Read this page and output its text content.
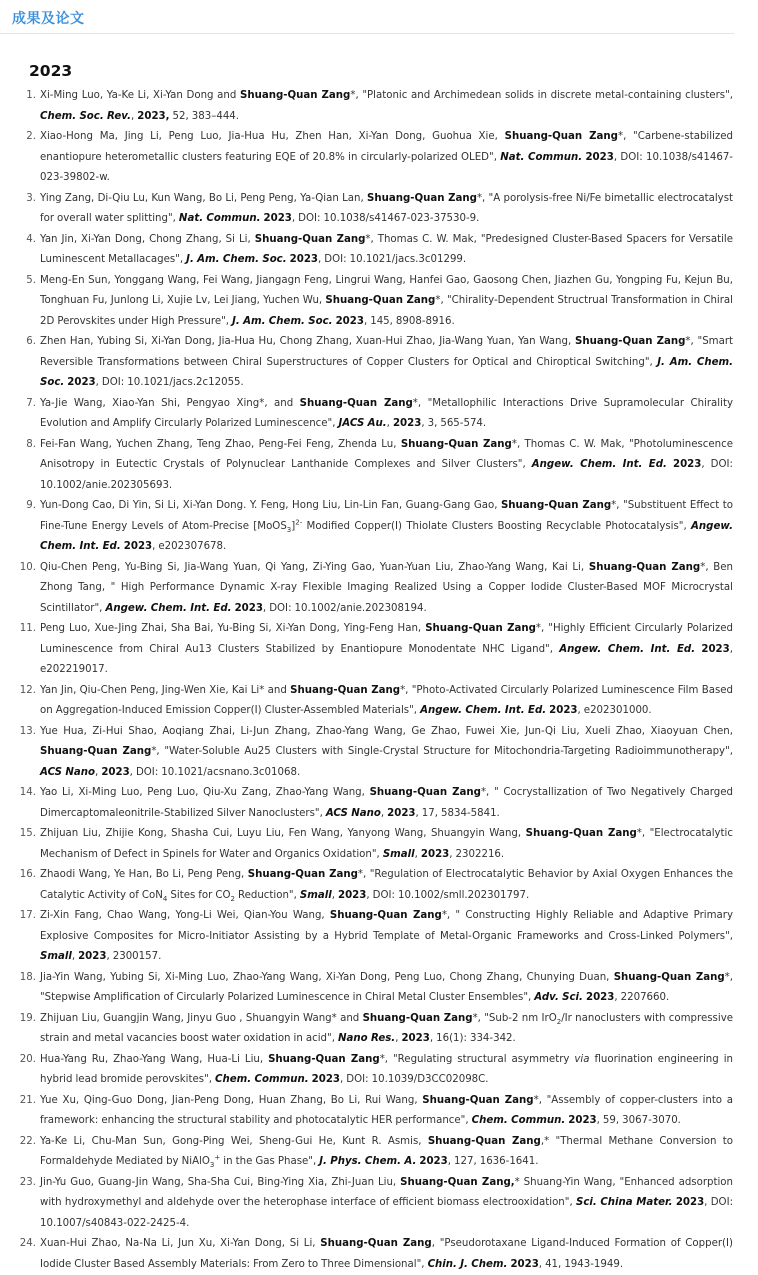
成果及论文
2023
1. Xi-Ming Luo, Ya-Ke Li, Xi-Yan Dong and Shuang-Quan Zang*, "Platonic and Archimedean solids in discrete metal-containing clusters", Chem. Soc. Rev., 2023, 52, 383–444.
2. Xiao-Hong Ma, Jing Li, Peng Luo, Jia-Hua Hu, Zhen Han, Xi-Yan Dong, Guohua Xie, Shuang-Quan Zang*, "Carbene-stabilized enantiopure heterometallic clusters featuring EQE of 20.8% in circularly-polarized OLED", Nat. Commun. 2023, DOI: 10.1038/s41467-023-39802-w.
3. Ying Zang, Di-Qiu Lu, Kun Wang, Bo Li, Peng Peng, Ya-Qian Lan, Shuang-Quan Zang*, "A porolysis-free Ni/Fe bimetallic electrocatalyst for overall water splitting", Nat. Commun. 2023, DOI: 10.1038/s41467-023-37530-9.
4. Yan Jin, Xi-Yan Dong, Chong Zhang, Si Li, Shuang-Quan Zang*, Thomas C. W. Mak, "Predesigned Cluster-Based Spacers for Versatile Luminescent Metallacages", J. Am. Chem. Soc. 2023, DOI: 10.1021/jacs.3c01299.
5. Meng-En Sun, Yonggang Wang, Fei Wang, Jiangagn Feng, Lingrui Wang, Hanfei Gao, Gaosong Chen, Jiazhen Gu, Yongping Fu, Kejun Bu, Tonghuan Fu, Junlong Li, Xujie Lv, Lei Jiang, Yuchen Wu, Shuang-Quan Zang*, "Chirality-Dependent Structrual Transformation in Chiral 2D Perovskites under High Pressure", J. Am. Chem. Soc. 2023, 145, 8908-8916.
6. Zhen Han, Yubing Si, Xi-Yan Dong, Jia-Hua Hu, Chong Zhang, Xuan-Hui Zhao, Jia-Wang Yuan, Yan Wang, Shuang-Quan Zang*, "Smart Reversible Transformations between Chiral Superstructures of Copper Clusters for Optical and Chiroptical Switching", J. Am. Chem. Soc. 2023, DOI: 10.1021/jacs.2c12055.
7. Ya-Jie Wang, Xiao-Yan Shi, Pengyao Xing*, and Shuang-Quan Zang*, "Metallophilic Interactions Drive Supramolecular Chirality Evolution and Amplify Circularly Polarized Luminescence", JACS Au., 2023, 3, 565-574.
8. Fei-Fan Wang, Yuchen Zhang, Teng Zhao, Peng-Fei Feng, Zhenda Lu, Shuang-Quan Zang*, Thomas C. W. Mak, "Photoluminescence Anisotropy in Eutectic Crystals of Polynuclear Lanthanide Complexes and Silver Clusters", Angew. Chem. Int. Ed. 2023, DOI: 10.1002/anie.202305693.
9. Yun-Dong Cao, Di Yin, Si Li, Xi-Yan Dong. Y. Feng, Hong Liu, Lin-Lin Fan, Guang-Gang Gao, Shuang-Quan Zang*, "Substituent Effect to Fine-Tune Energy Levels of Atom-Precise [MoOS$_3$]$^{2-}$ Modified Copper(I) Thiolate Clusters Boosting Recyclable Photocatalysis", Angew. Chem. Int. Ed. 2023, e202307678.
10. Qiu-Chen Peng, Yu-Bing Si, Jia-Wang Yuan, Qi Yang, Zi-Ying Gao, Yuan-Yuan Liu, Zhao-Yang Wang, Kai Li, Shuang-Quan Zang*, Ben Zhong Tang, " High Performance Dynamic X-ray Flexible Imaging Realized Using a Copper Iodide Cluster-Based MOF Microcrystal Scintillator", Angew. Chem. Int. Ed. 2023, DOI: 10.1002/anie.202308194.
11. Peng Luo, Xue-Jing Zhai, Sha Bai, Yu-Bing Si, Xi-Yan Dong, Ying-Feng Han, Shuang-Quan Zang*, "Highly Efficient Circularly Polarized Luminescence from Chiral Au13 Clusters Stabilized by Enantiopure Monodentate NHC Ligand", Angew. Chem. Int. Ed. 2023, e202219017.
12. Yan Jin, Qiu-Chen Peng, Jing-Wen Xie, Kai Li* and Shuang-Quan Zang*, "Photo-Activated Circularly Polarized Luminescence Film Based on Aggregation-Induced Emission Copper(I) Cluster-Assembled Materials", Angew. Chem. Int. Ed. 2023, e202301000.
13. Yue Hua, Zi-Hui Shao, Aoqiang Zhai, Li-Jun Zhang, Zhao-Yang Wang, Ge Zhao, Fuwei Xie, Jun-Qi Liu, Xueli Zhao, Xiaoyuan Chen, Shuang-Quan Zang*, "Water-Soluble Au25 Clusters with Single-Crystal Structure for Mitochondria-Targeting Radioimmunotherapy", ACS Nano, 2023, DOI: 10.1021/acsnano.3c01068.
14. Yao Li, Xi-Ming Luo, Peng Luo, Qiu-Xu Zang, Zhao-Yang Wang, Shuang-Quan Zang*, " Cocrystallization of Two Negatively Charged Dimercaptomaleonitrile-Stabilized Silver Nanoclusters", ACS Nano, 2023, 17, 5834-5841.
15. Zhijuan Liu, Zhijie Kong, Shasha Cui, Luyu Liu, Fen Wang, Yanyong Wang, Shuangyin Wang, Shuang-Quan Zang*, "Electrocatalytic Mechanism of Defect in Spinels for Water and Organics Oxidation", Small, 2023, 2302216.
16. Zhaodi Wang, Ye Han, Bo Li, Peng Peng, Shuang-Quan Zang*, "Regulation of Electrocatalytic Behavior by Axial Oxygen Enhances the Catalytic Activity of CoN$_4$ Sites for $CO_2$ Reduction", Small, 2023, DOI: 10.1002/smll.202301797.
17. Zi-Xin Fang, Chao Wang, Yong-Li Wei, Qian-You Wang, Shuang-Quan Zang*, " Constructing Highly Reliable and Adaptive Primary Explosive Composites for Micro-Initiator Assisting by a Hybrid Template of Metal-Organic Frameworks and Cross-Linked Polymers", Small, 2023, 2300157.
18. Jia-Yin Wang, Yubing Si, Xi-Ming Luo, Zhao-Yang Wang, Xi-Yan Dong, Peng Luo, Chong Zhang, Chunying Duan, Shuang-Quan Zang*, "Stepwise Amplification of Circularly Polarized Luminescence in Chiral Metal Cluster Ensembles", Adv. Sci. 2023, 2207660.
19. Zhijuan Liu, Guangjin Wang, Jinyu Guo , Shuangyin Wang* and Shuang-Quan Zang*, "Sub-2 nm IrO$_2$/Ir nanoclusters with compressive strain and metal vacancies boost water oxidation in acid", Nano Res., 2023, 16(1): 334-342.
20. Hua-Yang Ru, Zhao-Yang Wang, Hua-Li Liu, Shuang-Quan Zang*, "Regulating structural asymmetry via fluorination engineering in hybrid lead bromide perovskites", Chem. Commun. 2023, DOI: 10.1039/D3CC02098C.
21. Yue Xu, Qing-Guo Dong, Jian-Peng Dong, Huan Zhang, Bo Li, Rui Wang, Shuang-Quan Zang*, "Assembly of copper-clusters into a framework: enhancing the structural stability and photocatalytic HER performance", Chem. Commun. 2023, 59, 3067-3070.
22. Ya-Ke Li, Chu-Man Sun, Gong-Ping Wei, Sheng-Gui He, Kunt R. Asmis, Shuang-Quan Zang,* "Thermal Methane Conversion to Formaldehyde Mediated by NiAlO$_3$+ in the Gas Phase", J. Phys. Chem. A. 2023, 127, 1636-1641.
23. Jin-Yu Guo, Guang-Jin Wang, Sha-Sha Cui, Bing-Ying Xia, Zhi-Juan Liu, Shuang-Quan Zang,* Shuang-Yin Wang, "Enhanced adsorption with hydroxymethyl and aldehyde over the heterophase interface of efficient biomass electrooxidation", Sci. China Mater. 2023, DOI: 10.1007/s40843-022-2425-4.
24. Xuan-Hui Zhao, Na-Na Li, Jun Xu, Xi-Yan Dong, Si Li, Shuang-Quan Zang, "Pseudorotaxane Ligand-Induced Formation of Copper(I) Iodide Cluster Based Assembly Materials: From Zero to Three Dimensional", Chin. J. Chem. 2023, 41, 1943-1949.
